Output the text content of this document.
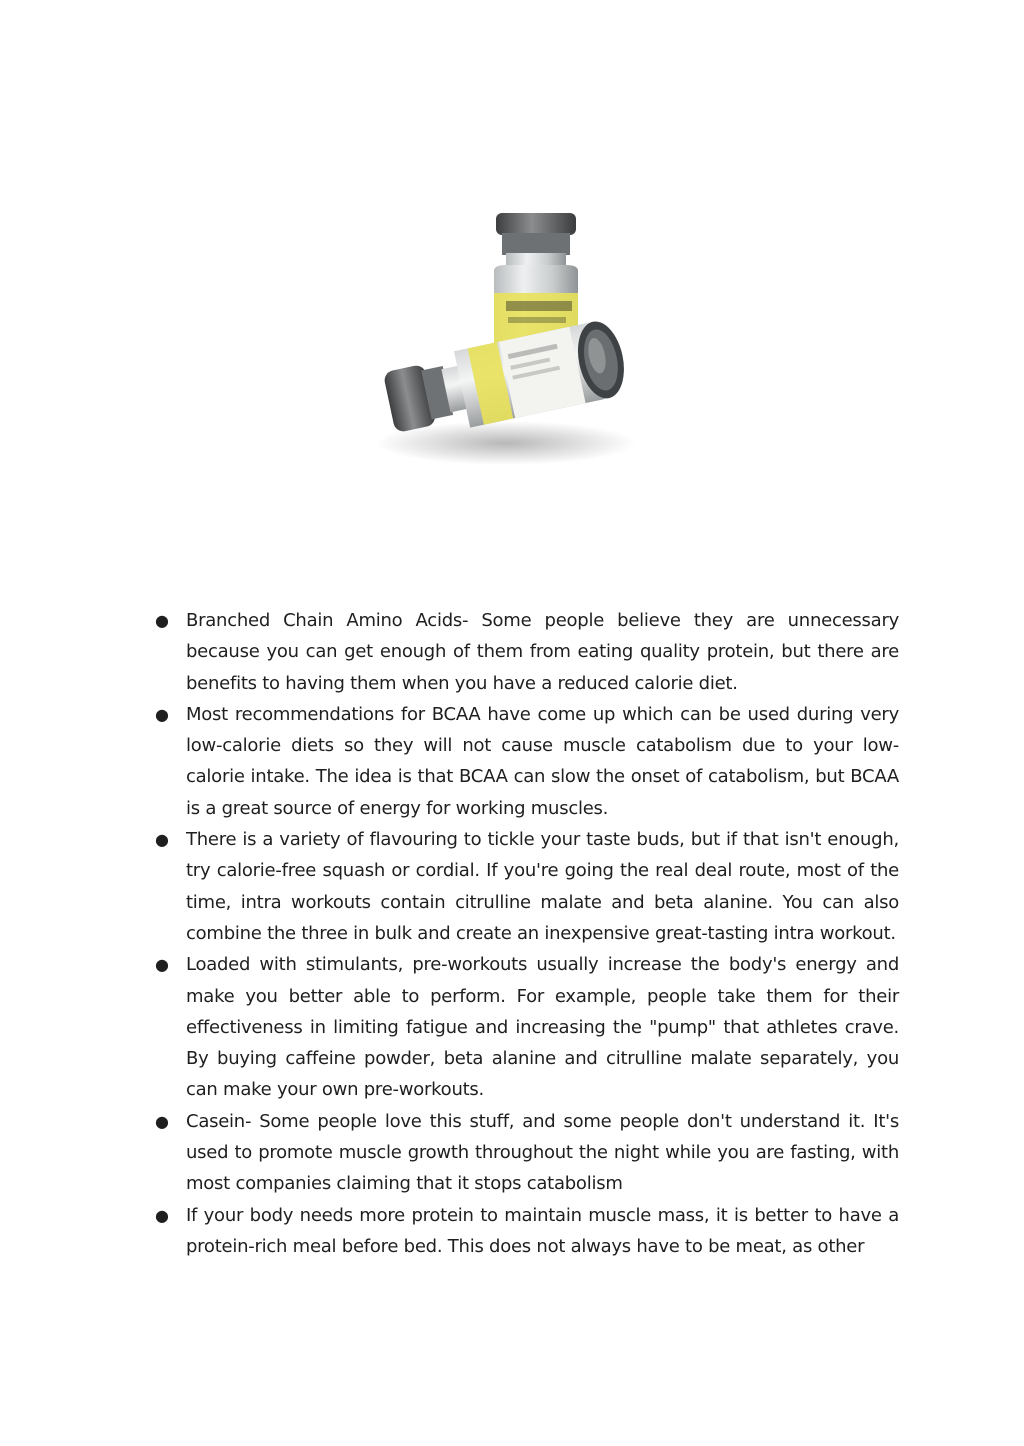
● Branched Chain Amino Acids- Some people believe they are unnecessary because you can get enough of them from eating quality protein, but there are benefits to having them when you have a reduced calorie diet.
● Most recommendations for BCAA have come up which can be used during very low-calorie diets so they will not cause muscle catabolism due to your low-calorie intake. The idea is that BCAA can slow the onset of catabolism, but BCAA is a great source of energy for working muscles.
● There is a variety of flavouring to tickle your taste buds, but if that isn't enough, try calorie-free squash or cordial. If you're going the real deal route, most of the time, intra workouts contain citrulline malate and beta alanine. You can also combine the three in bulk and create an inexpensive great-tasting intra workout.
● Loaded with stimulants, pre-workouts usually increase the body's energy and make you better able to perform. For example, people take them for their effectiveness in limiting fatigue and increasing the "pump" that athletes crave. By buying caffeine powder, beta alanine and citrulline malate separately, you can make your own pre-workouts.
● Casein- Some people love this stuff, and some people don't understand it. It's used to promote muscle growth throughout the night while you are fasting, with most companies claiming that it stops catabolism
● If your body needs more protein to maintain muscle mass, it is better to have a protein-rich meal before bed. This does not always have to be meat, as other
